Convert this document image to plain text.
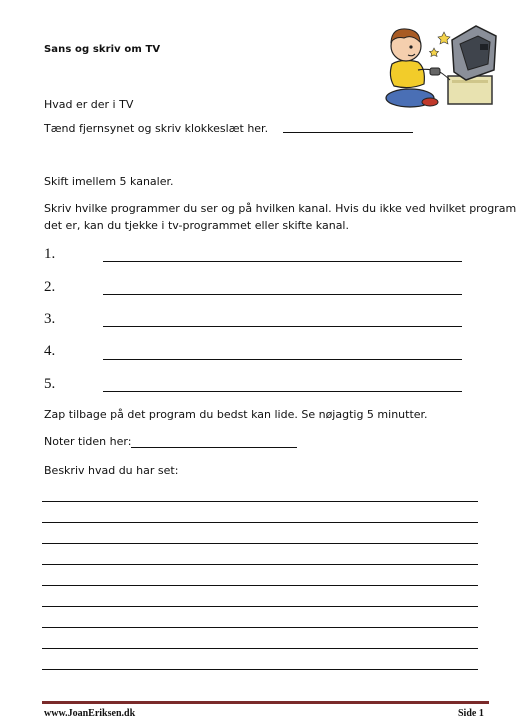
Sans og skriv om TV
Hvad er der i TV
Tænd fjernsynet og skriv klokkeslæt her.
Skift imellem 5 kanaler.
Skriv hvilke programmer du ser og på hvilken kanal. Hvis du ikke ved hvilket program
det er, kan du tjekke i tv-programmet eller skifte kanal.
1.
2.
3.
4.
5.
Zap tilbage på det program du bedst kan lide. Se nøjagtig 5 minutter.
Noter tiden her:
Beskriv hvad du har set:
www.JoanEriksen.dk	Side 1
